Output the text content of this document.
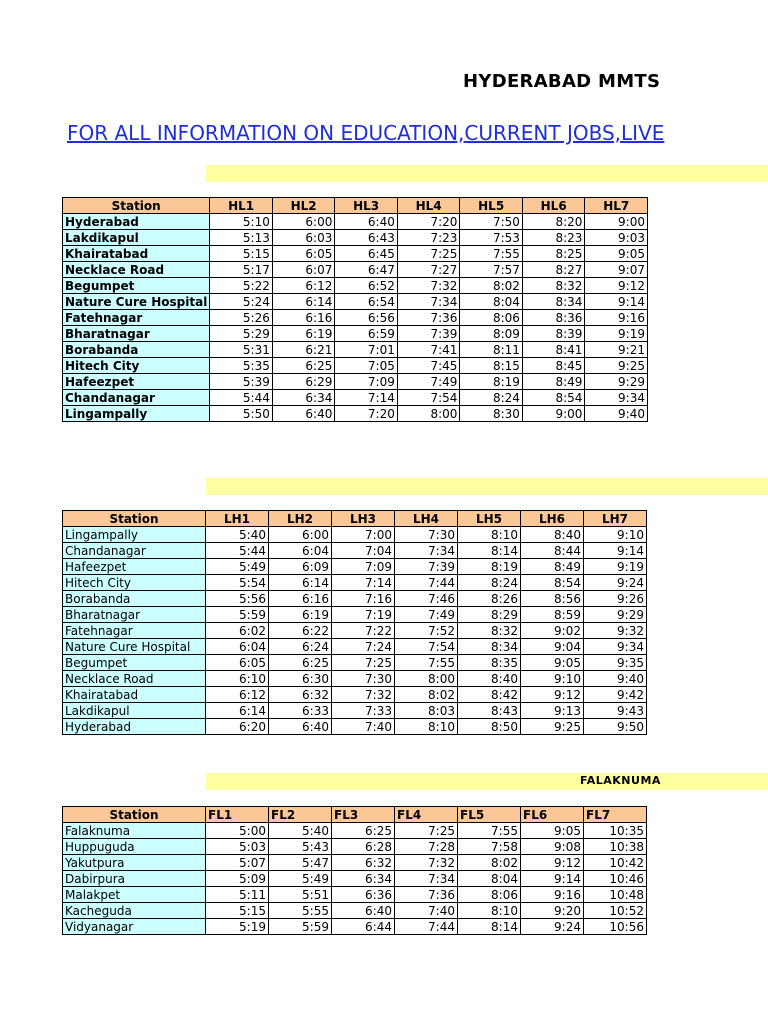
HYDERABAD MMTS
FOR ALL INFORMATION ON EDUCATION,CURRENT JOBS,LIVE
FALAKNUMA
Station	HL1	HL2	HL3	HL4	HL5	HL6	HL7
Hyderabad	5:10	6:00	6:40	7:20	7:50	8:20	9:00
Lakdikapul	5:13	6:03	6:43	7:23	7:53	8:23	9:03
Khairatabad	5:15	6:05	6:45	7:25	7:55	8:25	9:05
Necklace Road	5:17	6:07	6:47	7:27	7:57	8:27	9:07
Begumpet	5:22	6:12	6:52	7:32	8:02	8:32	9:12
Nature Cure Hospital	5:24	6:14	6:54	7:34	8:04	8:34	9:14
Fatehnagar	5:26	6:16	6:56	7:36	8:06	8:36	9:16
Bharatnagar	5:29	6:19	6:59	7:39	8:09	8:39	9:19
Borabanda	5:31	6:21	7:01	7:41	8:11	8:41	9:21
Hitech City	5:35	6:25	7:05	7:45	8:15	8:45	9:25
Hafeezpet	5:39	6:29	7:09	7:49	8:19	8:49	9:29
Chandanagar	5:44	6:34	7:14	7:54	8:24	8:54	9:34
Lingampally	5:50	6:40	7:20	8:00	8:30	9:00	9:40
Station	LH1	LH2	LH3	LH4	LH5	LH6	LH7
Lingampally	5:40	6:00	7:00	7:30	8:10	8:40	9:10
Chandanagar	5:44	6:04	7:04	7:34	8:14	8:44	9:14
Hafeezpet	5:49	6:09	7:09	7:39	8:19	8:49	9:19
Hitech City	5:54	6:14	7:14	7:44	8:24	8:54	9:24
Borabanda	5:56	6:16	7:16	7:46	8:26	8:56	9:26
Bharatnagar	5:59	6:19	7:19	7:49	8:29	8:59	9:29
Fatehnagar	6:02	6:22	7:22	7:52	8:32	9:02	9:32
Nature Cure Hospital	6:04	6:24	7:24	7:54	8:34	9:04	9:34
Begumpet	6:05	6:25	7:25	7:55	8:35	9:05	9:35
Necklace Road	6:10	6:30	7:30	8:00	8:40	9:10	9:40
Khairatabad	6:12	6:32	7:32	8:02	8:42	9:12	9:42
Lakdikapul	6:14	6:33	7:33	8:03	8:43	9:13	9:43
Hyderabad	6:20	6:40	7:40	8:10	8:50	9:25	9:50
Station	FL1	FL2	FL3	FL4	FL5	FL6	FL7
Falaknuma	5:00	5:40	6:25	7:25	7:55	9:05	10:35
Huppuguda	5:03	5:43	6:28	7:28	7:58	9:08	10:38
Yakutpura	5:07	5:47	6:32	7:32	8:02	9:12	10:42
Dabirpura	5:09	5:49	6:34	7:34	8:04	9:14	10:46
Malakpet	5:11	5:51	6:36	7:36	8:06	9:16	10:48
Kacheguda	5:15	5:55	6:40	7:40	8:10	9:20	10:52
Vidyanagar	5:19	5:59	6:44	7:44	8:14	9:24	10:56
